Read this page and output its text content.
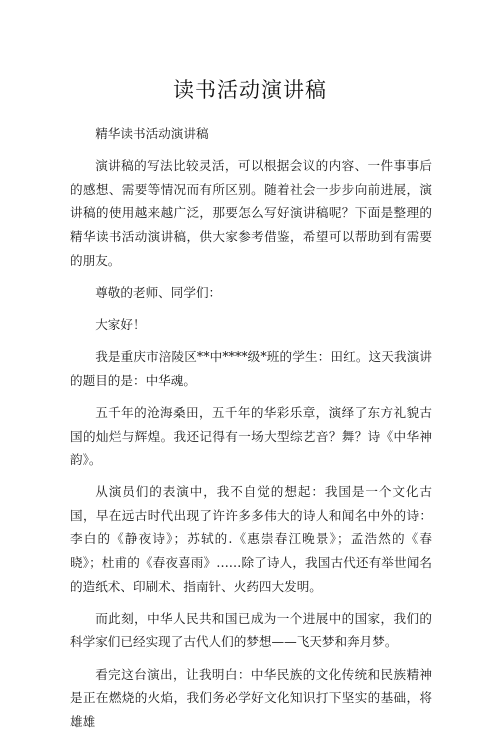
读书活动演讲稿

精华读书活动演讲稿

演讲稿的写法比较灵活，可以根据会议的内容、一件事事后的感想、需要等情况而有所区别。随着社会一步步向前进展，演讲稿的使用越来越广泛，那要怎么写好演讲稿呢？下面是整理的精华读书活动演讲稿，供大家参考借鉴，希望可以帮助到有需要的朋友。

尊敬的老师、同学们：

大家好！

我是重庆市涪陵区**中****级*班的学生：田红。这天我演讲的题目的是：中华魂。

五千年的沧海桑田，五千年的华彩乐章，演绎了东方礼貌古国的灿烂与辉煌。我还记得有一场大型综艺音？舞？诗《中华神韵》。

从演员们的表演中，我不自觉的想起：我国是一个文化古国，早在远古时代出现了许许多多伟大的诗人和闻名中外的诗：李白的《静夜诗》；苏轼的.《惠崇春江晚景》；孟浩然的《春晓》；杜甫的《春夜喜雨》……除了诗人，我国古代还有举世闻名的造纸术、印刷术、指南针、火药四大发明。

而此刻，中华人民共和国已成为一个进展中的国家，我们的科学家们已经实现了古代人们的梦想——飞天梦和奔月梦。

看完这台演出，让我明白：中华民族的文化传统和民族精神是正在燃烧的火焰，我们务必学好文化知识打下坚实的基础，将雄雄
